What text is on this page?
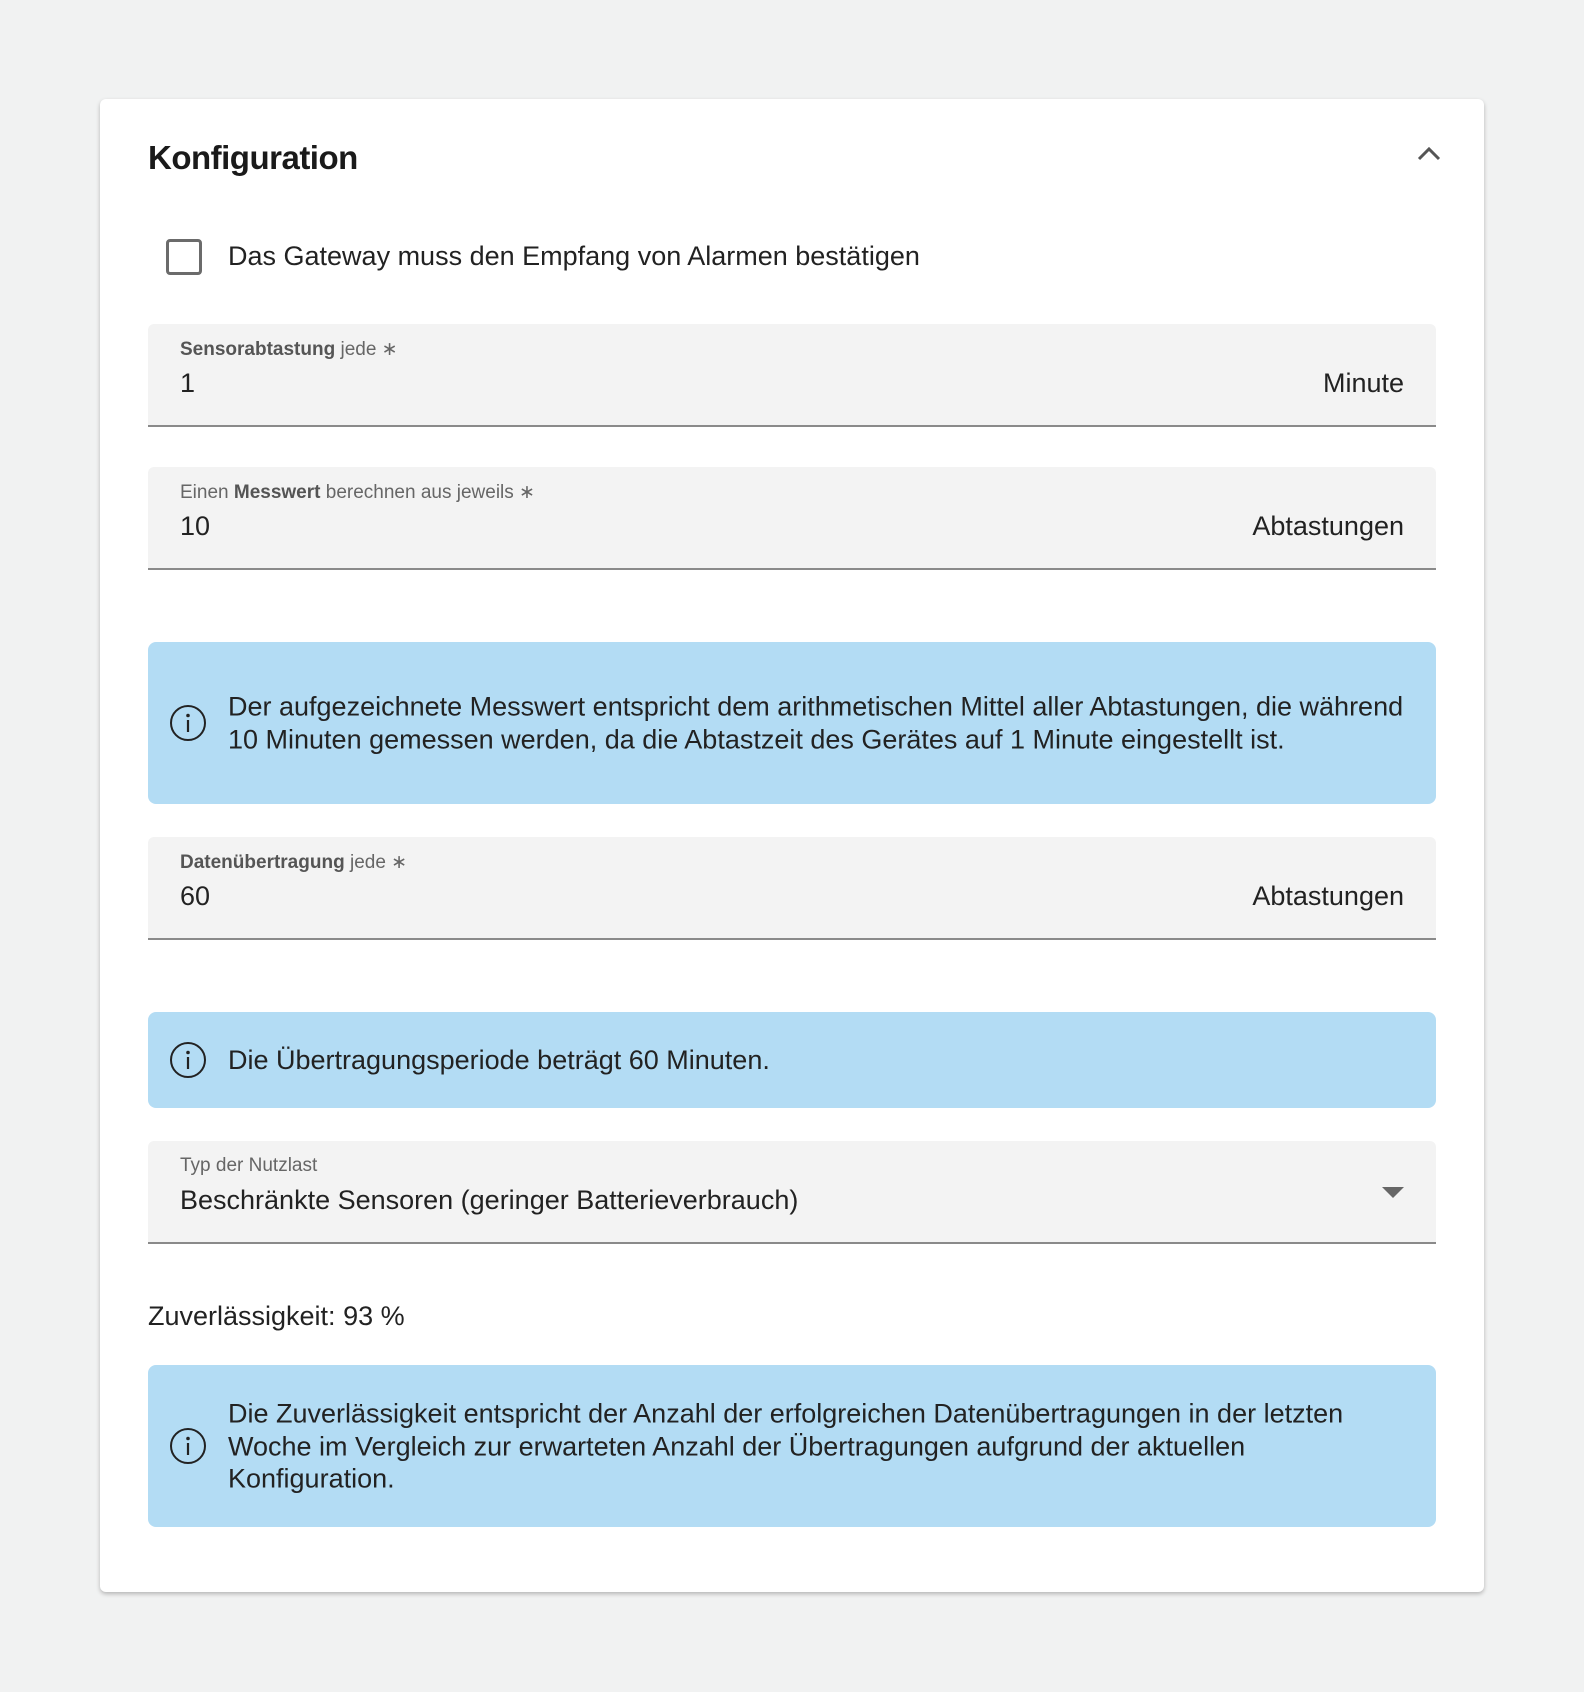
Konfiguration
Das Gateway muss den Empfang von Alarmen bestätigen
Sensorabtastung jede ∗
1	Minute
Einen Messwert berechnen aus jeweils ∗
10	Abtastungen
Der aufgezeichnete Messwert entspricht dem arithmetischen Mittel aller Abtastungen, die während 10 Minuten gemessen werden, da die Abtastzeit des Gerätes auf 1 Minute eingestellt ist.
Datenübertragung jede ∗
60	Abtastungen
Die Übertragungsperiode beträgt 60 Minuten.
Typ der Nutzlast
Beschränkte Sensoren (geringer Batterieverbrauch)
Zuverlässigkeit: 93 %
Die Zuverlässigkeit entspricht der Anzahl der erfolgreichen Datenübertragungen in der letzten Woche im Vergleich zur erwarteten Anzahl der Übertragungen aufgrund der aktuellen Konfiguration.
